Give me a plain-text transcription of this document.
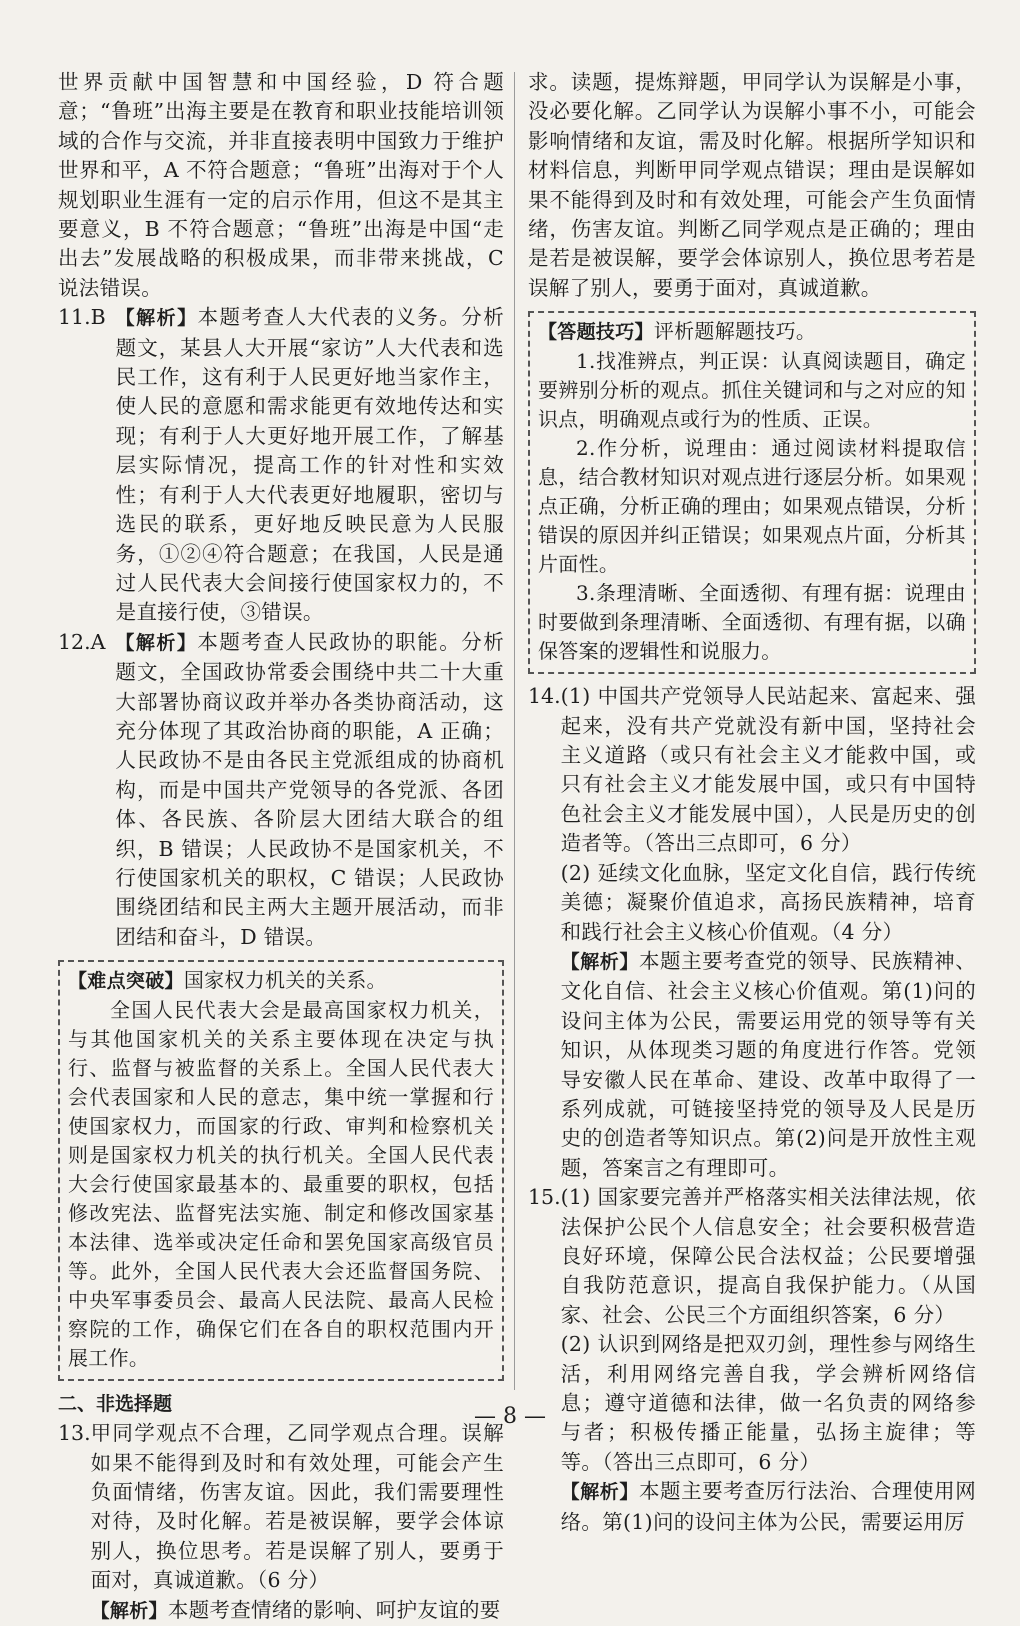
世界贡献中国智慧和中国经验，D 符合题意；“鲁班”出海主要是在教育和职业技能培训领域的合作与交流，并非直接表明中国致力于维护世界和平，A 不符合题意；“鲁班”出海对于个人规划职业生涯有一定的启示作用，但这不是其主要意义，B 不符合题意；“鲁班”出海是中国“走出去”发展战略的积极成果，而非带来挑战，C 说法错误。

11.B 【解析】本题考查人大代表的义务。分析题文，某县人大开展“家访”人大代表和选民工作，这有利于人民更好地当家作主，使人民的意愿和需求能更有效地传达和实现；有利于人大更好地开展工作，了解基层实际情况，提高工作的针对性和实效性；有利于人大代表更好地履职，密切与选民的联系，更好地反映民意为人民服务，①②④符合题意；在我国，人民是通过人民代表大会间接行使国家权力的，不是直接行使，③错误。

12.A 【解析】本题考查人民政协的职能。分析题文，全国政协常委会围绕中共二十大重大部署协商议政并举办各类协商活动，这充分体现了其政治协商的职能，A 正确；人民政协不是由各民主党派组成的协商机构，而是中国共产党领导的各党派、各团体、各民族、各阶层大团结大联合的组织，B 错误；人民政协不是国家机关，不行使国家机关的职权，C 错误；人民政协围绕团结和民主两大主题开展活动，而非团结和奋斗，D 错误。

【难点突破】国家权力机关的关系。

全国人民代表大会是最高国家权力机关，与其他国家机关的关系主要体现在决定与执行、监督与被监督的关系上。全国人民代表大会代表国家和人民的意志，集中统一掌握和行使国家权力，而国家的行政、审判和检察机关则是国家权力机关的执行机关。全国人民代表大会行使国家最基本的、最重要的职权，包括修改宪法、监督宪法实施、制定和修改国家基本法律、选举或决定任命和罢免国家高级官员等。此外，全国人民代表大会还监督国务院、中央军事委员会、最高人民法院、最高人民检察院的工作，确保它们在各自的职权范围内开展工作。

二、非选择题
13. 甲同学观点不合理，乙同学观点合理。误解如果不能得到及时和有效处理，可能会产生负面情绪，伤害友谊。因此，我们需要理性对待，及时化解。若是被误解，要学会体谅别人，换位思考。若是误解了别人，要勇于面对，真诚道歉。（6 分）

【解析】本题考查情绪的影响、呵护友谊的要

求。读题，提炼辩题，甲同学认为误解是小事，没必要化解。乙同学认为误解小事不小，可能会影响情绪和友谊，需及时化解。根据所学知识和材料信息，判断甲同学观点错误；理由是误解如果不能得到及时和有效处理，可能会产生负面情绪，伤害友谊。判断乙同学观点是正确的；理由是若是被误解，要学会体谅别人，换位思考若是误解了别人，要勇于面对，真诚道歉。

【答题技巧】评析题解题技巧。

1.找准辨点，判正误：认真阅读题目，确定要辨别分析的观点。抓住关键词和与之对应的知识点，明确观点或行为的性质、正误。

2.作分析，说理由：通过阅读材料提取信息，结合教材知识对观点进行逐层分析。如果观点正确，分析正确的理由；如果观点错误，分析错误的原因并纠正错误；如果观点片面，分析其片面性。

3.条理清晰、全面透彻、有理有据：说理由时要做到条理清晰、全面透彻、有理有据，以确保答案的逻辑性和说服力。

14. (1) 中国共产党领导人民站起来、富起来、强起来，没有共产党就没有新中国，坚持社会主义道路（或只有社会主义才能救中国，或只有社会主义才能发展中国，或只有中国特色社会主义才能发展中国），人民是历史的创造者等。（答出三点即可，6 分）

(2) 延续文化血脉，坚定文化自信，践行传统美德；凝聚价值追求，高扬民族精神，培育和践行社会主义核心价值观。（4 分）

【解析】本题主要考查党的领导、民族精神、文化自信、社会主义核心价值观。第(1)问的设问主体为公民，需要运用党的领导等有关知识，从体现类习题的角度进行作答。党领导安徽人民在革命、建设、改革中取得了一系列成就，可链接坚持党的领导及人民是历史的创造者等知识点。第(2)问是开放性主观题，答案言之有理即可。

15. (1) 国家要完善并严格落实相关法律法规，依法保护公民个人信息安全；社会要积极营造良好环境，保障公民合法权益；公民要增强自我防范意识，提高自我保护能力。（从国家、社会、公民三个方面组织答案，6 分）

(2) 认识到网络是把双刃剑，理性参与网络生活，利用网络完善自我，学会辨析网络信息；遵守道德和法律，做一名负责的网络参与者；积极传播正能量，弘扬主旋律；等等。（答出三点即可，6 分）

【解析】本题主要考查厉行法治、合理使用网络。第(1)问的设问主体为公民，需要运用厉

— 8 —
